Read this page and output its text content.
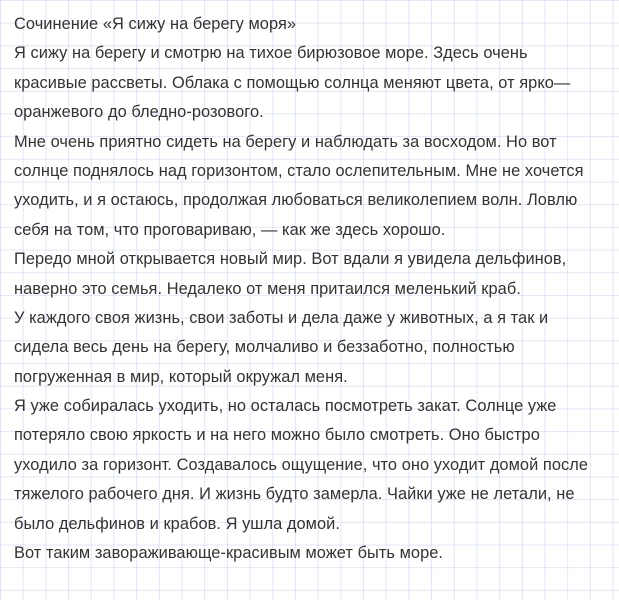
Сочинение «Я сижу на берегу моря»
Я сижу на берегу и смотрю на тихое бирюзовое море. Здесь очень
красивые рассветы. Облака с помощью солнца меняют цвета, от ярко—
оранжевого до бледно-розового.
Мне очень приятно сидеть на берегу и наблюдать за восходом. Но вот
солнце поднялось над горизонтом, стало ослепительным. Мне не хочется
уходить, и я остаюсь, продолжая любоваться великолепием волн. Ловлю
себя на том, что проговариваю, — как же здесь хорошо.
Передо мной открывается новый мир. Вот вдали я увидела дельфинов,
наверно это семья. Недалеко от меня притаился меленький краб.
У каждого своя жизнь, свои заботы и дела даже у животных, а я так и
сидела весь день на берегу, молчаливо и беззаботно, полностью
погруженная в мир, который окружал меня.
Я уже собиралась уходить, но осталась посмотреть закат. Солнце уже
потеряло свою яркость и на него можно было смотреть. Оно быстро
уходило за горизонт. Создавалось ощущение, что оно уходит домой после
тяжелого рабочего дня. И жизнь будто замерла. Чайки уже не летали, не
было дельфинов и крабов. Я ушла домой.
Вот таким завораживающе-красивым может быть море.
